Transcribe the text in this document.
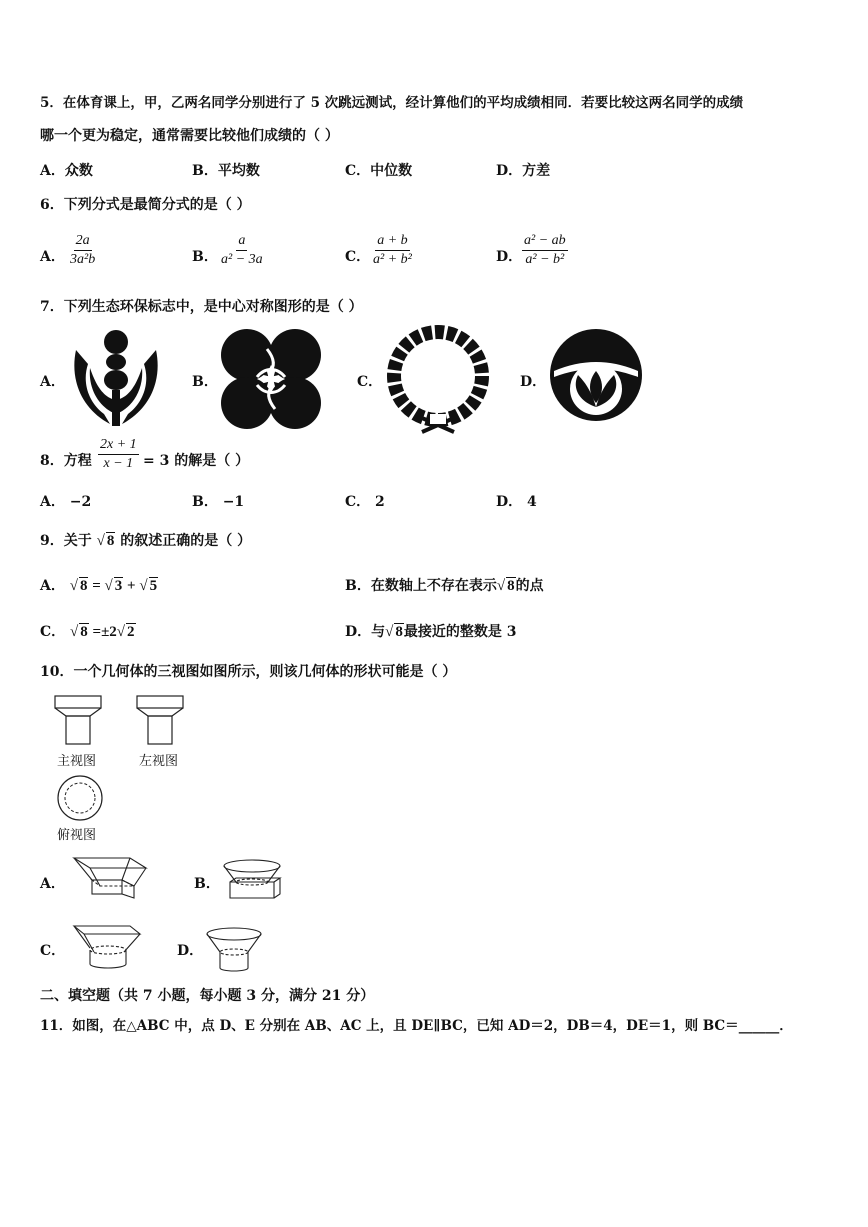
5．在体育课上，甲，乙两名同学分别进行了 5 次跳远测试，经计算他们的平均成绩相同．若要比较这两名同学的成绩
哪一个更为稳定，通常需要比较他们成绩的（ ）
A．众数	B．平均数	C．中位数	D．方差
6．下列分式是最简分式的是（ ）
A． $\frac{2a}{\text{3a²b}}$	B． $\frac{a}{\text{a² − 3a}}$	C． $\frac{a + b}{\text{a² + b²}}$	D． $\frac{\text{a² − ab}}{\text{a² − b²}}$
7．下列生态环保标志中，是中心对称图形的是（ ）
A．	B．	C．	D．
8．方程 $\frac{2x + 1}{x - 1} = 3$ 的解是（ ）
A． −2	B． −1	C． 2	D． 4
9．关于 √ 8 的叙述正确的是（ ）
A． √ 8 = √ 3 + √ 5	B．在数轴上不存在表示√ 8的点
C． √ 8 =±2√ 2	D．与√ 8最接近的整数是 3
10．一个几何体的三视图如图所示，则该几何体的形状可能是（ ）
主视图	左视图
俯视图
A．	B．
C．	D．
二、填空题（共 7 小题，每小题 3 分，满分 21 分）
11．如图，在△ABC 中，点 D、E 分别在 AB、AC 上，且 DE∥BC，已知 AD＝2，DB＝4，DE＝1，则 BC＝______．
